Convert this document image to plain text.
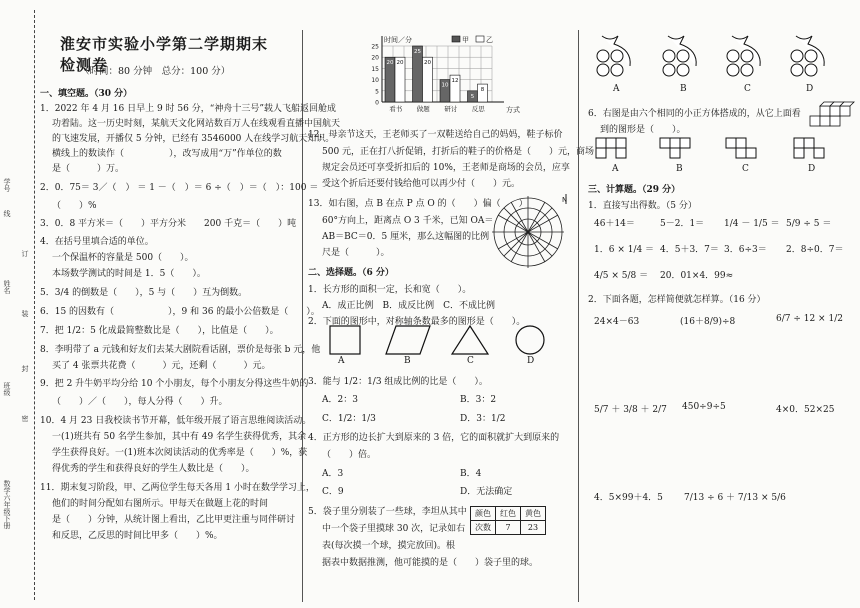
学号
线
姓名
订
班级
装
封
数学六年级下册
密
淮安市实验小学第二学期期末检测卷
（时间：80 分钟　总分：100 分）
一、填空题。（30 分）
1．2022 年 4 月 16 日早上 9 时 56 分，“神舟十三号”载人飞船返回舱成
功着陆。这一历史时刻，某航天文化网站数百万人在线观看直播中国航天
的飞速发展，开播仅 5 分钟，已经有 3546000 人在线学习航天知识。
横线上的数读作（　　　　　），改写成用“万”作单位的数
是（　　　）万。
2．0．75＝ 3／（　） ＝ 1 －（　）＝ 6 ÷（　）＝（　）：100 ＝
（　　）%
3．0．8 平方米＝（　　）平方分米　　200 千克＝（　　）吨
4．在括号里填合适的单位。
一个保温杯的容量是 500（　　）。
本场数学测试的时间是 1．5（　　）。
5．3/4 的倒数是（　　），5 与（　　）互为倒数。
6．15 的因数有（　　　　　　），9 和 36 的最小公倍数是（　　）。
7．把 1/2：5 化成最简整数比是（　　），比值是（　　）。
8．李明带了 a 元钱和好友们去某大剧院看话剧，票价是每张 b 元，他
买了 4 张票共花费（　　　）元，还剩（　　　）元。
9．把 2 升牛奶平均分给 10 个小朋友，每个小朋友分得这些牛奶的
（　　）／（　　），每人分得（　　）升。
10．4 月 23 日我校读书节开幕，低年级开展了语言思维阅读活动。
一(1)班共有 50 名学生参加，其中有 49 名学生获得优秀，其余
学生获得良好。一(1)班本次阅读活动的优秀率是（　　）%，获
得优秀的学生和获得良好的学生人数比是（　　）。
11．期末复习阶段，甲、乙两位学生每天各用 1 小时在数学学习上，
他们的时间分配如右图所示。甲每天在做题上花的时间
是（　　）分钟，从统计图上看出，乙比甲更注重与同伴研讨
和反思，乙反思的时间比甲多（　　）%。
0
5
10
15
20
25
时间／分
方式
甲 乙
20 20
看书
25
20
做题
10
12
研讨
5
8
反思
12．母亲节这天，王老师买了一双鞋送给自己的妈妈，鞋子标价
500 元，正在打八折促销，打折后的鞋子的价格是（　　）元，商场
规定会员还可享受折扣后的 10%，王老师是商场的会员，应享
受这个折后还要付钱给他可以再少付（　　）元。
13．如右图，点 B 在点 P 点 O 的（　　）偏（　　）
60°方向上，距离点 O 3 千米，已知 OA＝
AB＝BC＝0．5 厘米，那么这幅图的比例
尺是（　　　）。
N
二、选择题。（6 分）
1．长方形的面积一定，长和宽（　　）。
A．成正比例　B．成反比例　C．不成比例
2．下面的图形中，对称轴条数最多的图形是（　　）。
A	B	C	D
3．能与 1/2：1/3 组成比例的比是（　　）。
A．2：3	B．3：2
C．1/2：1/3	D．3：1/2
4．正方形的边长扩大到原来的 3 倍，它的面积就扩大到原来的
（　　）倍。
A．3	B．4
C．9	D．无法确定
5．袋子里分别装了一些球，李坦从其中
中一个袋子里摸球 30 次，记录如右
表(每次摸一个球，摸完放回)。根
据表中数据推测，他可能摸的是（　　）袋子里的球。
颜色	红色	黄色
次数	7	23
A	B	C	D
6．右图是由六个相同的小正方体搭成的，从它上面看
到的图形是（　　）。
A	B	C	D
三、计算题。（29 分）
1．直接写出得数。（5 分）
46＋14＝	5－2．1＝ 1/4 － 1/5 ＝ 5/9 ÷ 5 ＝
1．6 × 1/4 ＝ 4．5＋3．7＝ 3．6÷3＝ 2．8÷0．7＝
4/5 × 5/8 ＝ 20．01×4．99≈
2．下面各题，怎样简便就怎样算。（16 分）
24×4－63	(16＋8/9)÷8	6/7 ÷ 12 × 1/2
5/7 ＋ 3/8 ＋ 2/7 450÷9÷5	4×0．52×25
4．5×99＋4．5 7/13 ÷ 6 ＋ 7/13 × 5/6
